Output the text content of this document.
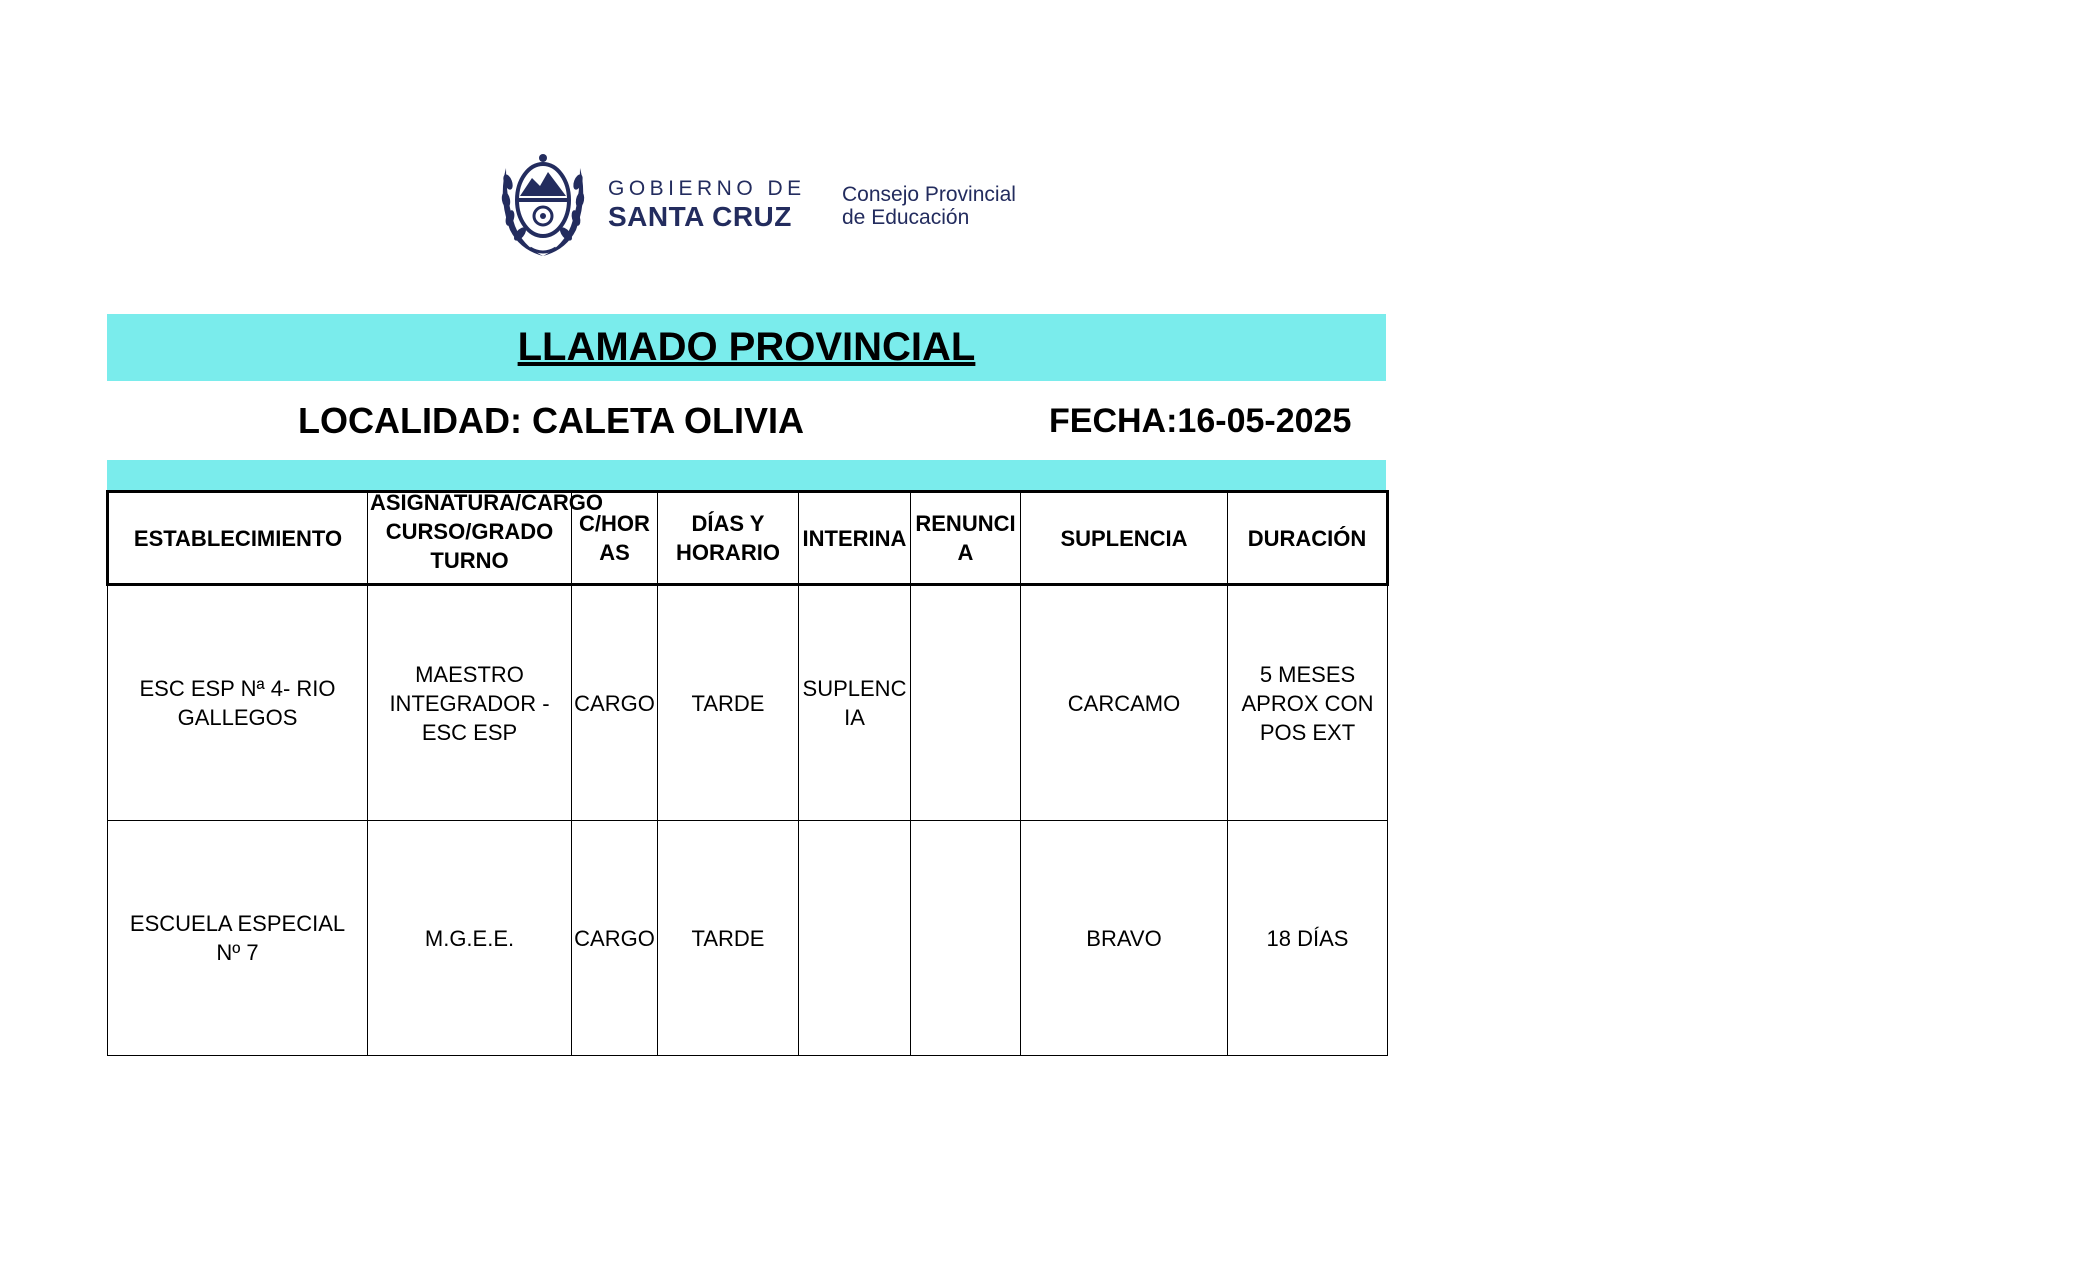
GOBIERNO DE
SANTA CRUZ
Consejo Provincial
de Educación
LLAMADO PROVINCIAL
LOCALIDAD: CALETA OLIVIA	FECHA:16-05-2025
ESTABLECIMIENTO	ASIGNATURA/CARGO CURSO/GRADO TURNO	C/HORAS	DÍAS Y HORARIO	INTERINA	RENUNCIA	SUPLENCIA	DURACIÓN
ESC ESP Nª 4- RIO GALLEGOS	MAESTRO INTEGRADOR - ESC ESP	CARGO	TARDE	SUPLENCIA		CARCAMO	5 MESES APROX CON POS EXT
ESCUELA ESPECIAL Nº 7	M.G.E.E.	CARGO	TARDE			BRAVO	18 DÍAS
